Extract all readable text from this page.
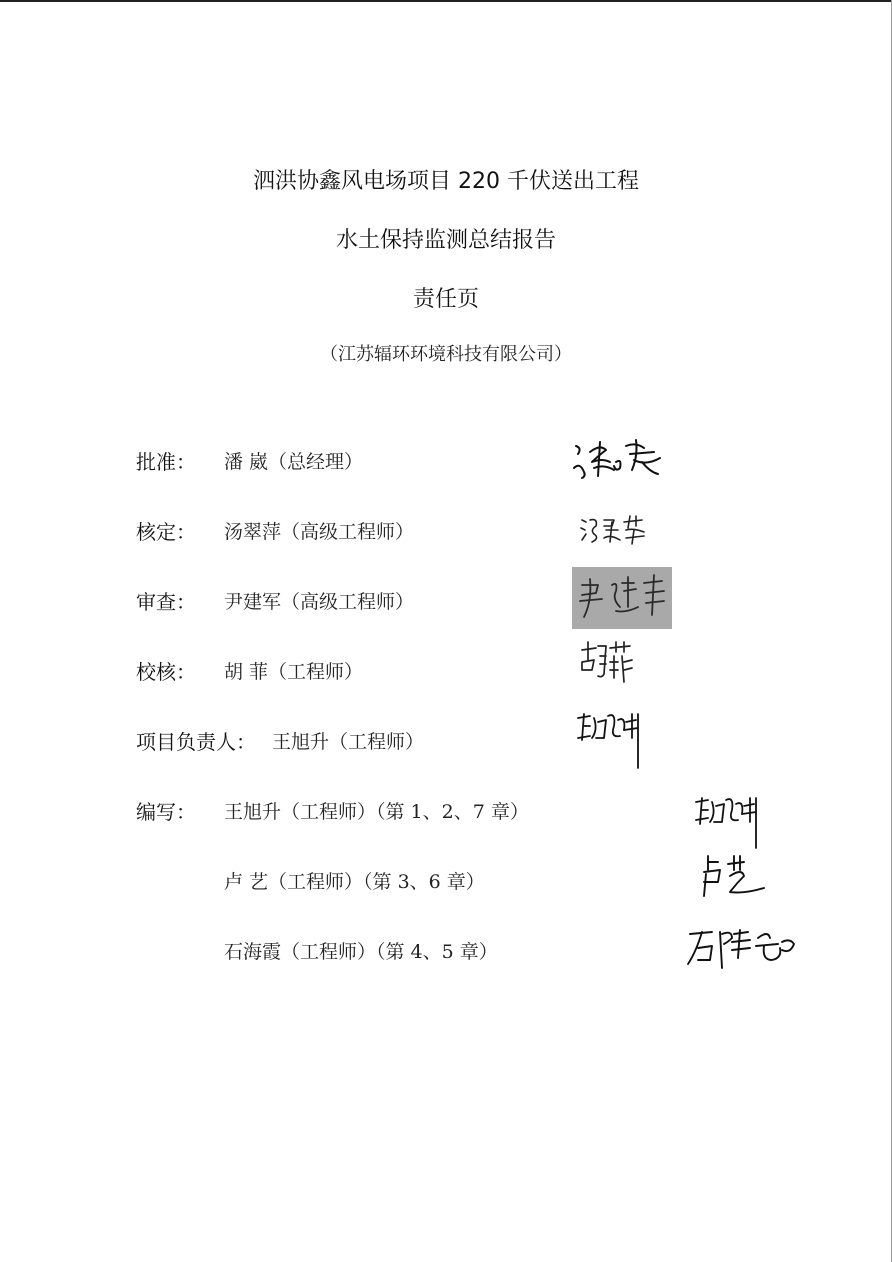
泗洪协鑫风电场项目 220 千伏送出工程
水土保持监测总结报告
责任页
（江苏辐环环境科技有限公司）
批准： 潘 崴（总经理）
核定： 汤翠萍（高级工程师）
审查： 尹建军（高级工程师）
校核： 胡 菲（工程师）
项目负责人： 王旭升（工程师）
编写： 王旭升（工程师）（第 1、2、7 章）
卢 艺（工程师）（第 3、6 章）
石海霞（工程师）（第 4、5 章）
